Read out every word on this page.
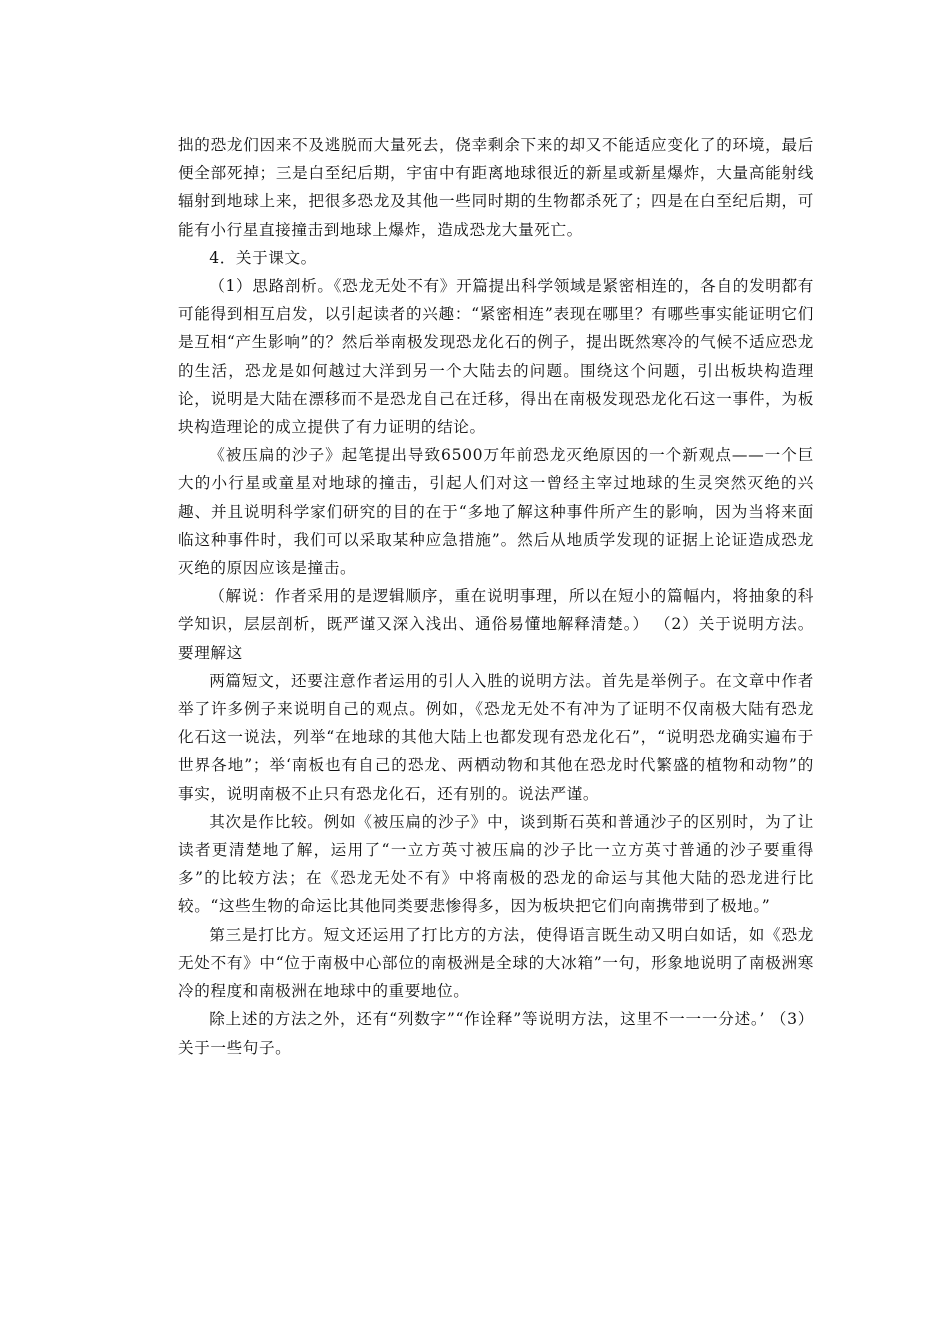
拙的恐龙们因来不及逃脱而大量死去，侥幸剩余下来的却又不能适应变化了的环境，最后便全部死掉；三是白至纪后期，宇宙中有距离地球很近的新星或新星爆炸，大量高能射线辐射到地球上来，把很多恐龙及其他一些同时期的生物都杀死了；四是在白至纪后期，可能有小行星直接撞击到地球上爆炸，造成恐龙大量死亡。

4．关于课文。

（1）思路剖析。《恐龙无处不有》开篇提出科学领域是紧密相连的，各自的发明都有可能得到相互启发，以引起读者的兴趣：“紧密相连”表现在哪里？有哪些事实能证明它们是互相“产生影响”的？然后举南极发现恐龙化石的例子，提出既然寒冷的气候不适应恐龙的生活，恐龙是如何越过大洋到另一个大陆去的问题。围绕这个问题，引出板块构造理论，说明是大陆在漂移而不是恐龙自己在迁移，得出在南极发现恐龙化石这一事件，为板块构造理论的成立提供了有力证明的结论。

《被压扁的沙子》起笔提出导致6500万年前恐龙灭绝原因的一个新观点——一个巨大的小行星或童星对地球的撞击，引起人们对这一曾经主宰过地球的生灵突然灭绝的兴趣、并且说明科学家们研究的目的在于“多地了解这种事件所产生的影响，因为当将来面临这种事件时，我们可以采取某种应急措施”。然后从地质学发现的证据上论证造成恐龙灭绝的原因应该是撞击。

（解说：作者采用的是逻辑顺序，重在说明事理，所以在短小的篇幅内，将抽象的科学知识，层层剖析，既严谨又深入浅出、通俗易懂地解释清楚。） （2）关于说明方法。要理解这

两篇短文，还要注意作者运用的引人入胜的说明方法。首先是举例子。在文章中作者举了许多例子来说明自己的观点。例如，《恐龙无处不有冲为了证明不仅南极大陆有恐龙化石这一说法，列举“在地球的其他大陆上也都发现有恐龙化石”，“说明恐龙确实遍布于世界各地”；举‘南板也有自己的恐龙、两栖动物和其他在恐龙时代繁盛的植物和动物”的事实，说明南极不止只有恐龙化石，还有别的。说法严谨。

其次是作比较。例如《被压扁的沙子》中，谈到斯石英和普通沙子的区别时，为了让读者更清楚地了解，运用了“一立方英寸被压扁的沙子比一立方英寸普通的沙子要重得多”的比较方法；在《恐龙无处不有》中将南极的恐龙的命运与其他大陆的恐龙进行比较。“这些生物的命运比其他同类要悲惨得多，因为板块把它们向南携带到了极地。”

第三是打比方。短文还运用了打比方的方法，使得语言既生动又明白如话，如《恐龙无处不有》中“位于南极中心部位的南极洲是全球的大冰箱”一句，形象地说明了南极洲寒冷的程度和南极洲在地球中的重要地位。

除上述的方法之外，还有“列数字”“作诠释”等说明方法，这里不一一一分述。’ （3）关于一些句子。
